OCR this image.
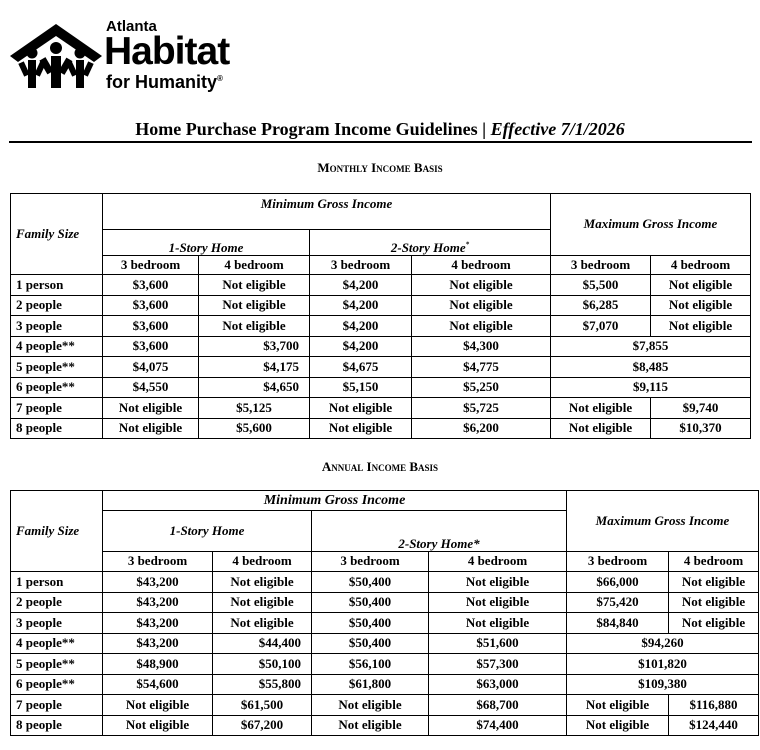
Atlanta
Habitat
for Humanity®
Home Purchase Program Income Guidelines | Effective 7/1/2026
Monthly Income Basis
Family Size	Minimum Gross Income				Maximum Gross Income	
	1-Story Home		2-Story Home*
	3 bedroom	4 bedroom	3 bedroom	4 bedroom	3 bedroom	4 bedroom
1 person	$3,600	Not eligible	$4,200	Not eligible	$5,500	Not eligible
2 people	$3,600	Not eligible	$4,200	Not eligible	$6,285	Not eligible
3 people	$3,600	Not eligible	$4,200	Not eligible	$7,070	Not eligible
4 people**	$3,600	$3,700	$4,200	$4,300	$7,855	
5 people**	$4,075	$4,175	$4,675	$4,775	$8,485	
6 people**	$4,550	$4,650	$5,150	$5,250	$9,115	
7 people	Not eligible	$5,125	Not eligible	$5,725	Not eligible	$9,740
8 people	Not eligible	$5,600	Not eligible	$6,200	Not eligible	$10,370
Annual Income Basis
Family Size	Minimum Gross Income				Maximum Gross Income	
	1-Story Home		2-Story Home*			
	3 bedroom	4 bedroom	3 bedroom	4 bedroom	3 bedroom	4 bedroom
1 person	$43,200	Not eligible	$50,400	Not eligible	$66,000	Not eligible
2 people	$43,200	Not eligible	$50,400	Not eligible	$75,420	Not eligible
3 people	$43,200	Not eligible	$50,400	Not eligible	$84,840	Not eligible
4 people**	$43,200	$44,400	$50,400	$51,600	$94,260	
5 people**	$48,900	$50,100	$56,100	$57,300	$101,820	
6 people**	$54,600	$55,800	$61,800	$63,000	$109,380	
7 people	Not eligible	$61,500	Not eligible	$68,700	Not eligible	$116,880
8 people	Not eligible	$67,200	Not eligible	$74,400	Not eligible	$124,440
